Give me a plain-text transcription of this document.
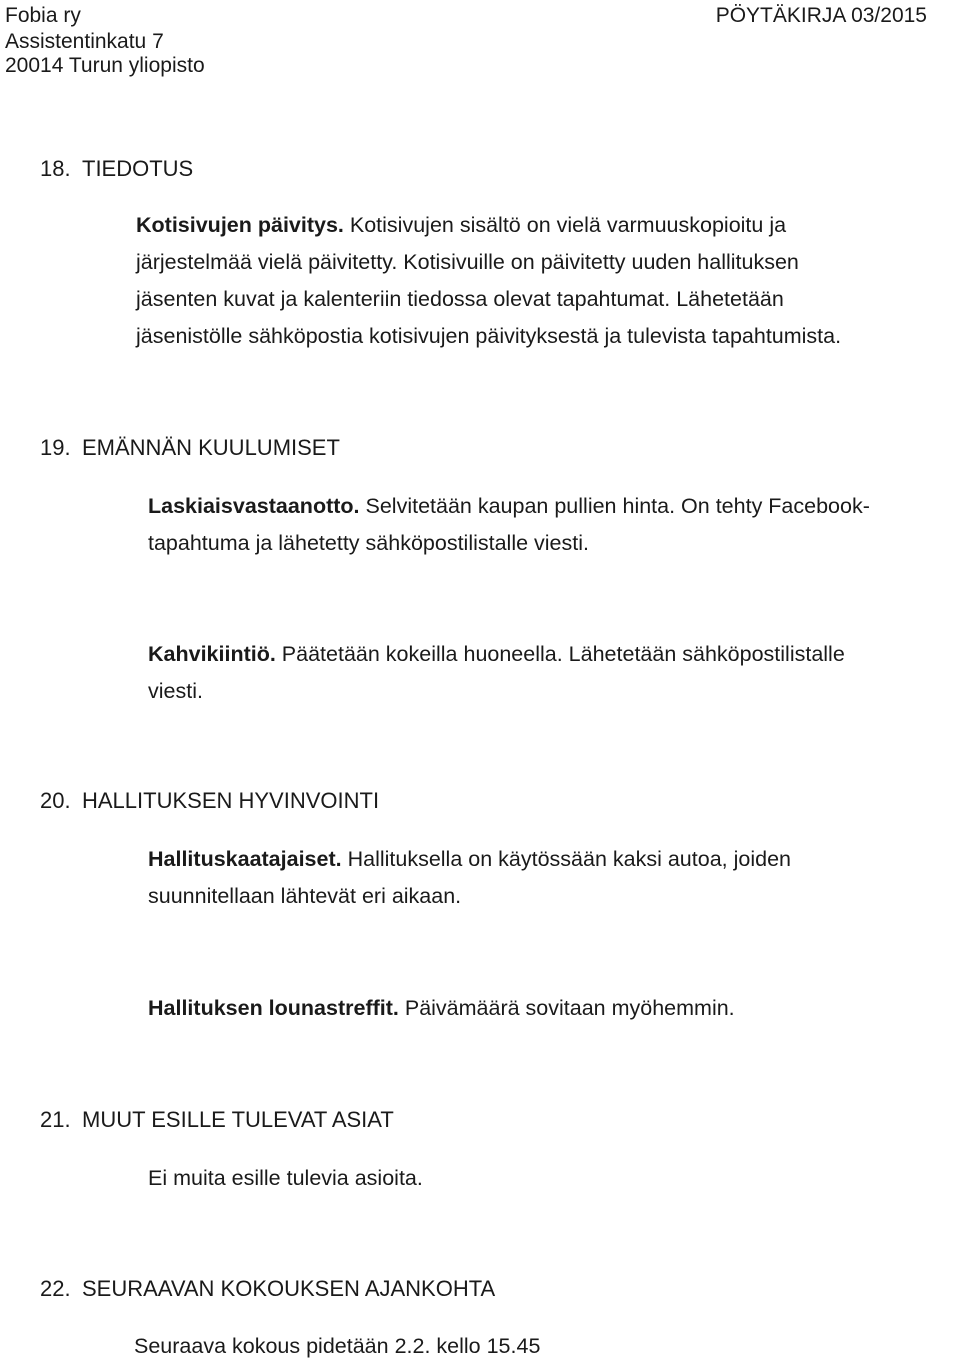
Fobia ry
Assistentinkatu 7
20014 Turun yliopisto
PÖYTÄKIRJA 03/2015
18. TIEDOTUS
Kotisivujen päivitys. Kotisivujen sisältö on vielä varmuuskopioitu ja
järjestelmää vielä päivitetty. Kotisivuille on päivitetty uuden hallituksen
jäsenten kuvat ja kalenteriin tiedossa olevat tapahtumat. Lähetetään
jäsenistölle sähköpostia kotisivujen päivityksestä ja tulevista tapahtumista.
19. EMÄNNÄN KUULUMISET
Laskiaisvastaanotto. Selvitetään kaupan pullien hinta. On tehty Facebook-
tapahtuma ja lähetetty sähköpostilistalle viesti.
Kahvikiintiö. Päätetään kokeilla huoneella. Lähetetään sähköpostilistalle
viesti.
20. HALLITUKSEN HYVINVOINTI
Hallituskaatajaiset. Hallituksella on käytössään kaksi autoa, joiden
suunnitellaan lähtevät eri aikaan.
Hallituksen lounastreffit. Päivämäärä sovitaan myöhemmin.
21. MUUT ESILLE TULEVAT ASIAT
Ei muita esille tulevia asioita.
22. SEURAAVAN KOKOUKSEN AJANKOHTA
Seuraava kokous pidetään 2.2. kello 15.45
